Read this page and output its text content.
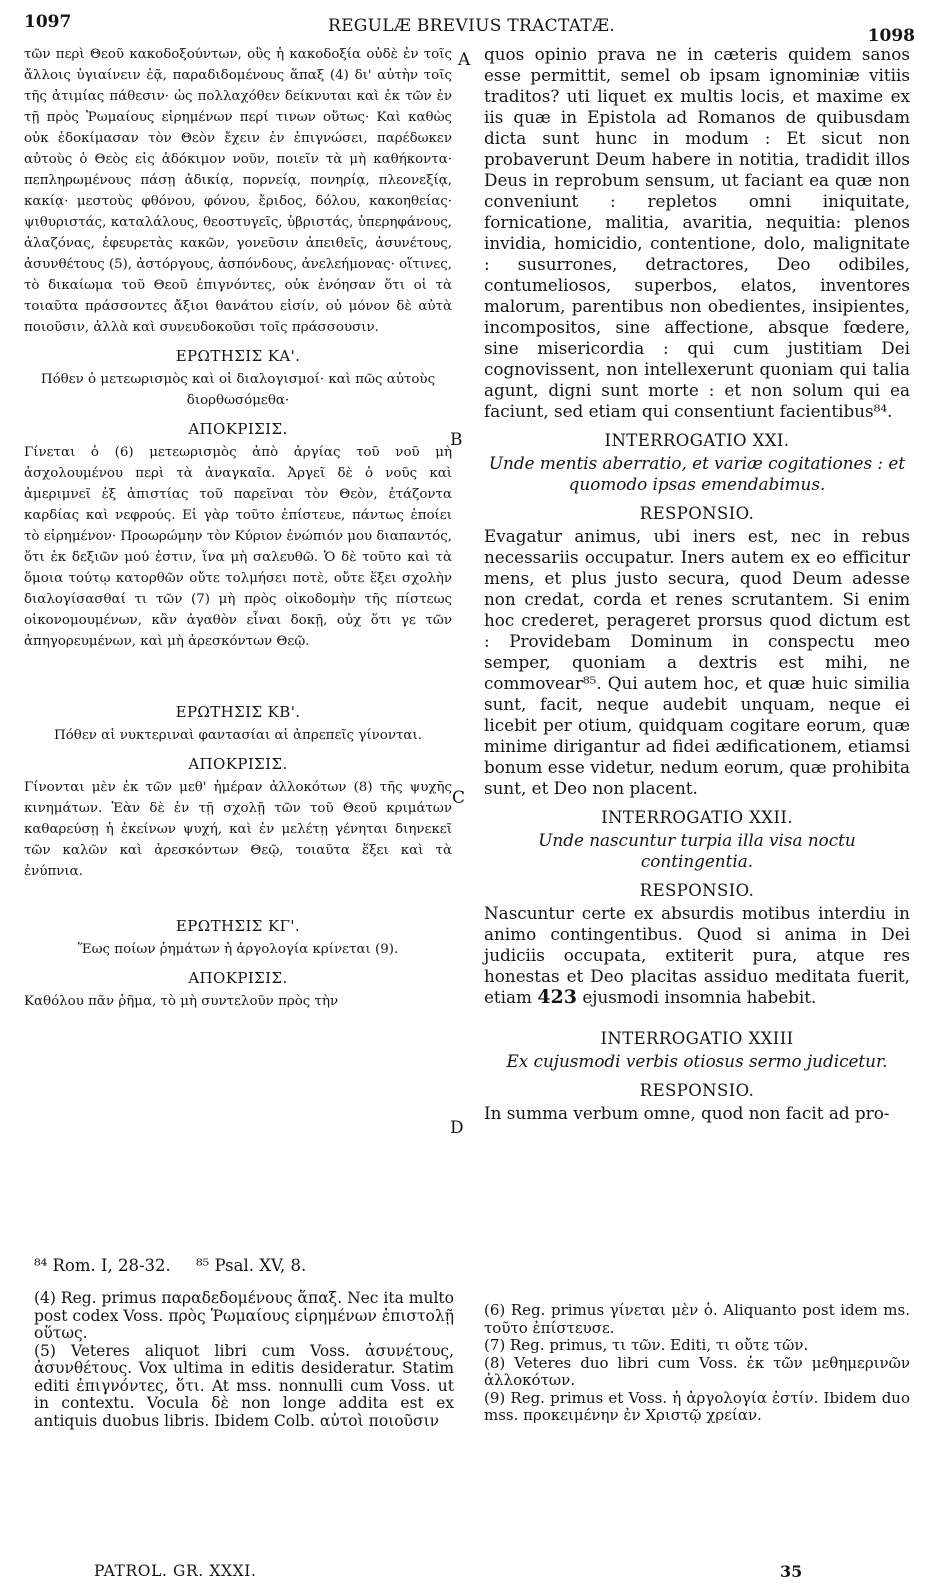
1097	REGULÆ BREVIUS TRACTATÆ.	1098

τῶν περὶ Θεοῦ κακοδοξούντων, οὓς ἡ κακοδοξία οὐδὲ ἐν τοῖς ἄλλοις ὑγιαίνειν ἐᾷ, παραδιδομένους ἅπαξ (4) δι' αὐτὴν τοῖς τῆς ἀτιμίας πάθεσιν· ὡς πολλαχόθεν δείκνυται καὶ ἐκ τῶν ἐν τῇ πρὸς Ῥωμαίους εἰρημένων περί τινων οὕτως· Καὶ καθὼς οὐκ ἐδοκίμασαν τὸν Θεὸν ἔχειν ἐν ἐπιγνώσει, παρέδωκεν αὐτοὺς ὁ Θεὸς εἰς ἀδόκιμον νοῦν, ποιεῖν τὰ μὴ καθήκοντα· πεπληρωμένους πάσῃ ἀδικίᾳ, πορνείᾳ, πονηρίᾳ, πλεονεξίᾳ, κακίᾳ· μεστοὺς φθόνου, φόνου, ἔριδος, δόλου, κακοηθείας· ψιθυριστάς, καταλάλους, θεοστυγεῖς, ὑβριστάς, ὑπερηφάνους, ἀλαζόνας, ἐφευρετὰς κακῶν, γονεῦσιν ἀπειθεῖς, ἀσυνέτους, ἀσυνθέτους (5), ἀστόργους, ἀσπόνδους, ἀνελεήμονας· οἵτινες, τὸ δικαίωμα τοῦ Θεοῦ ἐπιγνόντες, οὐκ ἐνόησαν ὅτι οἱ τὰ τοιαῦτα πράσσοντες ἄξιοι θανάτου εἰσίν, οὐ μόνον δὲ αὐτὰ ποιοῦσιν, ἀλλὰ καὶ συνευδοκοῦσι τοῖς πράσσουσιν.

ΕΡΩΤΗΣΙΣ ΚΑ'.

Πόθεν ὁ μετεωρισμὸς καὶ οἱ διαλογισμοί· καὶ πῶς αὐτοὺς διορθωσόμεθα·

ΑΠΟΚΡΙΣΙΣ.

Γίνεται ὁ (6) μετεωρισμὸς ἀπὸ ἀργίας τοῦ νοῦ μὴ ἀσχολουμένου περὶ τὰ ἀναγκαῖα. Ἀργεῖ δὲ ὁ νοῦς καὶ ἀμεριμνεῖ ἐξ ἀπιστίας τοῦ παρεῖναι τὸν Θεὸν, ἐτάζοντα καρδίας καὶ νεφρούς. Εἰ γὰρ τοῦτο ἐπίστευε, πάντως ἐποίει τὸ εἰρημένον· Προωρώμην τὸν Κύριον ἐνώπιόν μου διαπαντός, ὅτι ἐκ δεξιῶν μού ἐστιν, ἵνα μὴ σαλευθῶ. Ὁ δὲ τοῦτο καὶ τὰ ὅμοια τούτῳ κατορθῶν οὔτε τολμήσει ποτὲ, οὔτε ἕξει σχολὴν διαλογίσασθαί τι τῶν (7) μὴ πρὸς οἰκοδομὴν τῆς πίστεως οἰκονομουμένων, κἂν ἀγαθὸν εἶναι δοκῇ, οὐχ ὅτι γε τῶν ἀπηγορευμένων, καὶ μὴ ἀρεσκόντων Θεῷ.

ΕΡΩΤΗΣΙΣ ΚΒ'.

Πόθεν αἱ νυκτεριναὶ φαντασίαι αἱ ἀπρεπεῖς γίνονται.

ΑΠΟΚΡΙΣΙΣ.

Γίνονται μὲν ἐκ τῶν μεθ' ἡμέραν ἀλλοκότων (8) τῆς ψυχῆς κινημάτων. Ἐὰν δὲ ἐν τῇ σχολῇ τῶν τοῦ Θεοῦ κριμάτων καθαρεύσῃ ἡ ἐκείνων ψυχή, καὶ ἐν μελέτῃ γένηται διηνεκεῖ τῶν καλῶν καὶ ἀρεσκόντων Θεῷ, τοιαῦτα ἕξει καὶ τὰ ἐνύπνια.

ΕΡΩΤΗΣΙΣ ΚΓ'.

Ἕως ποίων ῥημάτων ἡ ἀργολογία κρίνεται (9).

ΑΠΟΚΡΙΣΙΣ.

Καθόλου πᾶν ῥῆμα, τὸ μὴ συντελοῦν πρὸς τὴν

quos opinio prava ne in cæteris quidem sanos esse permittit, semel ob ipsam ignominiæ vitiis traditos? uti liquet ex multis locis, et maxime ex iis quæ in Epistola ad Romanos de quibusdam dicta sunt hunc in modum : Et sicut non probaverunt Deum habere in notitia, tradidit illos Deus in reprobum sensum, ut faciant ea quæ non conveniunt : repletos omni iniquitate, fornicatione, malitia, avaritia, nequitia: plenos invidia, homicidio, contentione, dolo, malignitate : susurrones, detractores, Deo odibiles, contumeliosos, superbos, elatos, inventores malorum, parentibus non obedientes, insipientes, incompositos, sine affectione, absque fœdere, sine misericordia : qui cum justitiam Dei cognovissent, non intellexerunt quoniam qui talia agunt, digni sunt morte : et non solum qui ea faciunt, sed etiam qui consentiunt facientibus⁸⁴.

INTERROGATIO XXI.

Unde mentis aberratio, et variæ cogitationes : et quomodo ipsas emendabimus.

RESPONSIO.

Evagatur animus, ubi iners est, nec in rebus necessariis occupatur. Iners autem ex eo efficitur mens, et plus justo secura, quod Deum adesse non credat, corda et renes scrutantem. Si enim hoc crederet, perageret prorsus quod dictum est : Providebam Dominum in conspectu meo semper, quoniam a dextris est mihi, ne commovear⁸⁵. Qui autem hoc, et quæ huic similia sunt, facit, neque audebit unquam, neque ei licebit per otium, quidquam cogitare eorum, quæ minime dirigantur ad fidei ædificationem, etiamsi bonum esse videtur, nedum eorum, quæ prohibita sunt, et Deo non placent.

INTERROGATIO XXII.

Unde nascuntur turpia illa visa noctu contingentia.

RESPONSIO.

Nascuntur certe ex absurdis motibus interdiu in animo contingentibus. Quod si anima in Dei judiciis occupata, extiterit pura, atque res honestas et Deo placitas assiduo meditata fuerit, etiam 423 ejusmodi insomnia habebit.

INTERROGATIO XXIII

Ex cujusmodi verbis otiosus sermo judicetur.

RESPONSIO.

In summa verbum omne, quod non facit ad pro-

A
B
C
D
⁸⁴ Rom. I, 28-32. ⁸⁵ Psal. XV, 8.

(4) Reg. primus παραδεδομένους ἅπαξ. Nec ita multo post codex Voss. πρὸς Ῥωμαίους εἰρημένων ἐπιστολῇ οὕτως.

(5) Veteres aliquot libri cum Voss. ἀσυνέτους, ἀσυνθέτους. Vox ultima in editis desideratur. Statim editi ἐπιγνόντες, ὅτι. At mss. nonnulli cum Voss. ut in contextu. Vocula δὲ non longe addita est ex antiquis duobus libris. Ibidem Colb. αὐτοὶ ποιοῦσιν

(6) Reg. primus γίνεται μὲν ὁ. Aliquanto post idem ms. τοῦτο ἐπίστευσε.

(7) Reg. primus, τι τῶν. Editi, τι οὔτε τῶν.

(8) Veteres duo libri cum Voss. ἐκ τῶν μεθημερινῶν ἀλλοκότων.

(9) Reg. primus et Voss. ἡ ἀργολογία ἐστίν. Ibidem duo mss. προκειμένην ἐν Χριστῷ χρείαν.

PATROL. GR. XXXI.	35
